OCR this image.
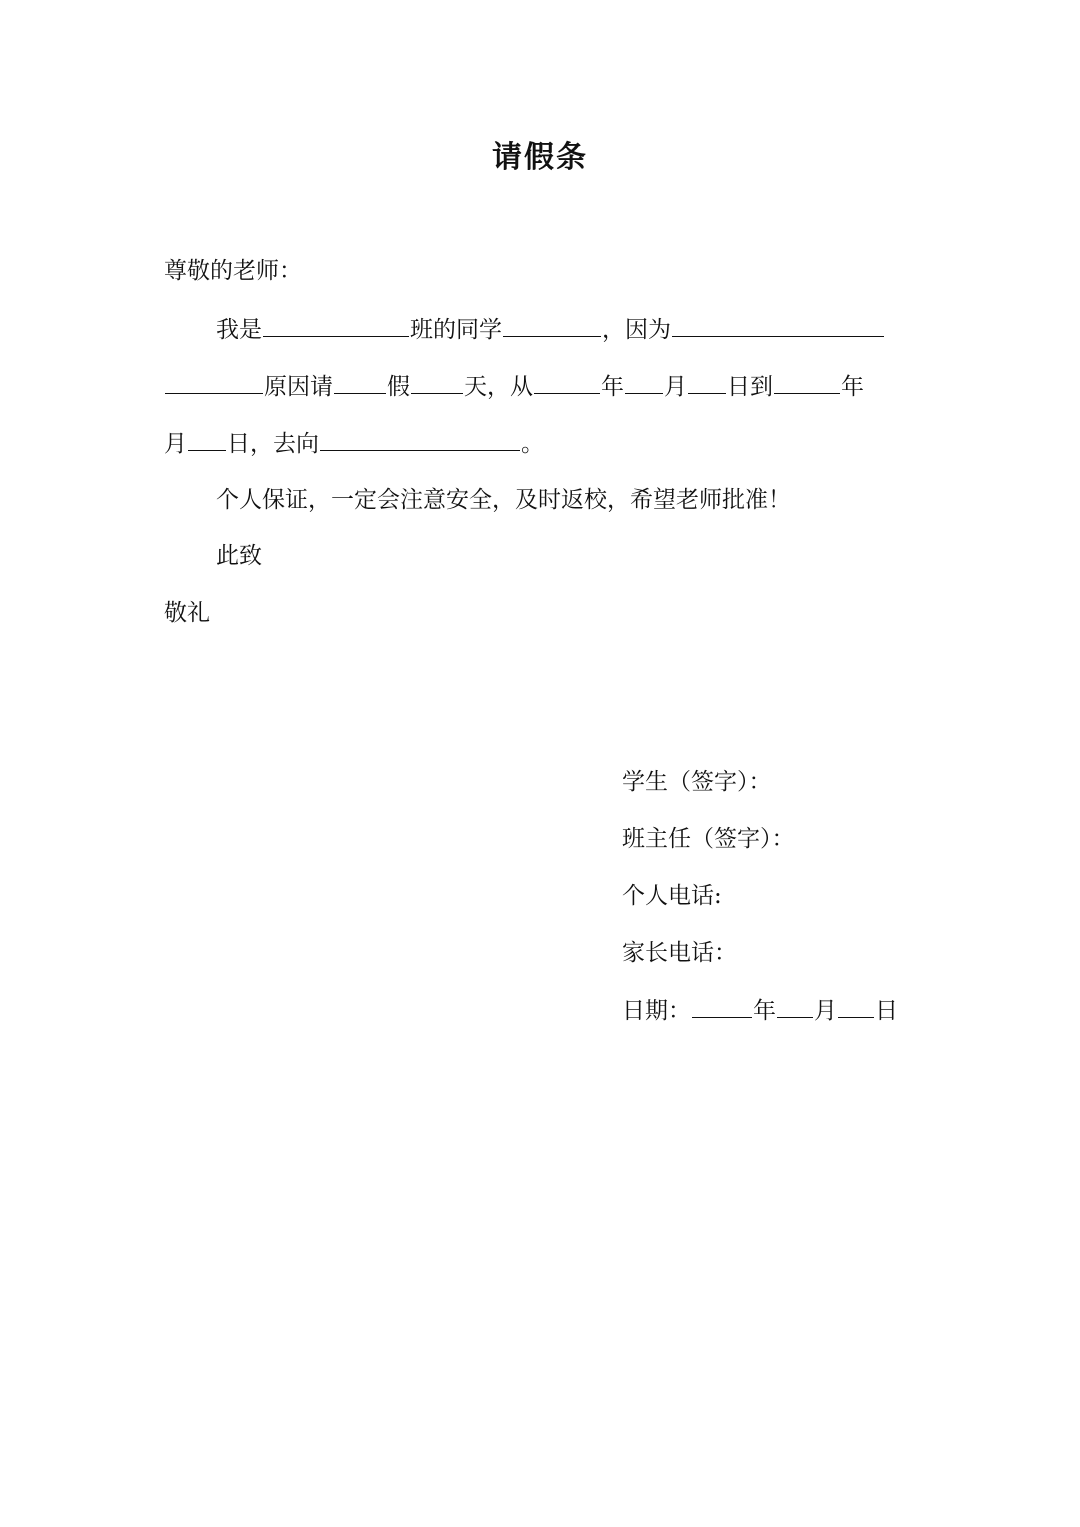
请假条
尊敬的老师：
我是	班的同学	，因为
原因请 假 天，从	年 月 日到	年
月 日，去向	。
个人保证，一定会注意安全，及时返校，希望老师批准！
此致
敬礼
学生（签字）：
班主任（签字）：
个人电话:
家长电话：
日期：	年 月 日
